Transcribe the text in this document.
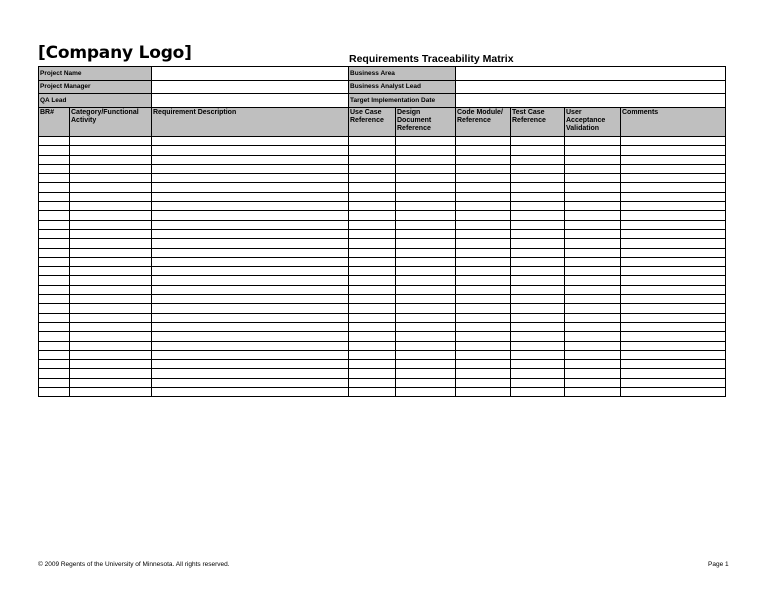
[Company Logo]	Requirements Traceability Matrix
Project Name		Business Area	
Project Manager		Business Analyst Lead	
QA Lead		Target Implementation Date	
BR#	Category/Functional Activity	Requirement Description	Use Case Reference	Design Document Reference	Code Module/ Reference	Test Case Reference	User Acceptance Validation	Comments

© 2009 Regents of the University of Minnesota. All rights reserved.	Page 1
